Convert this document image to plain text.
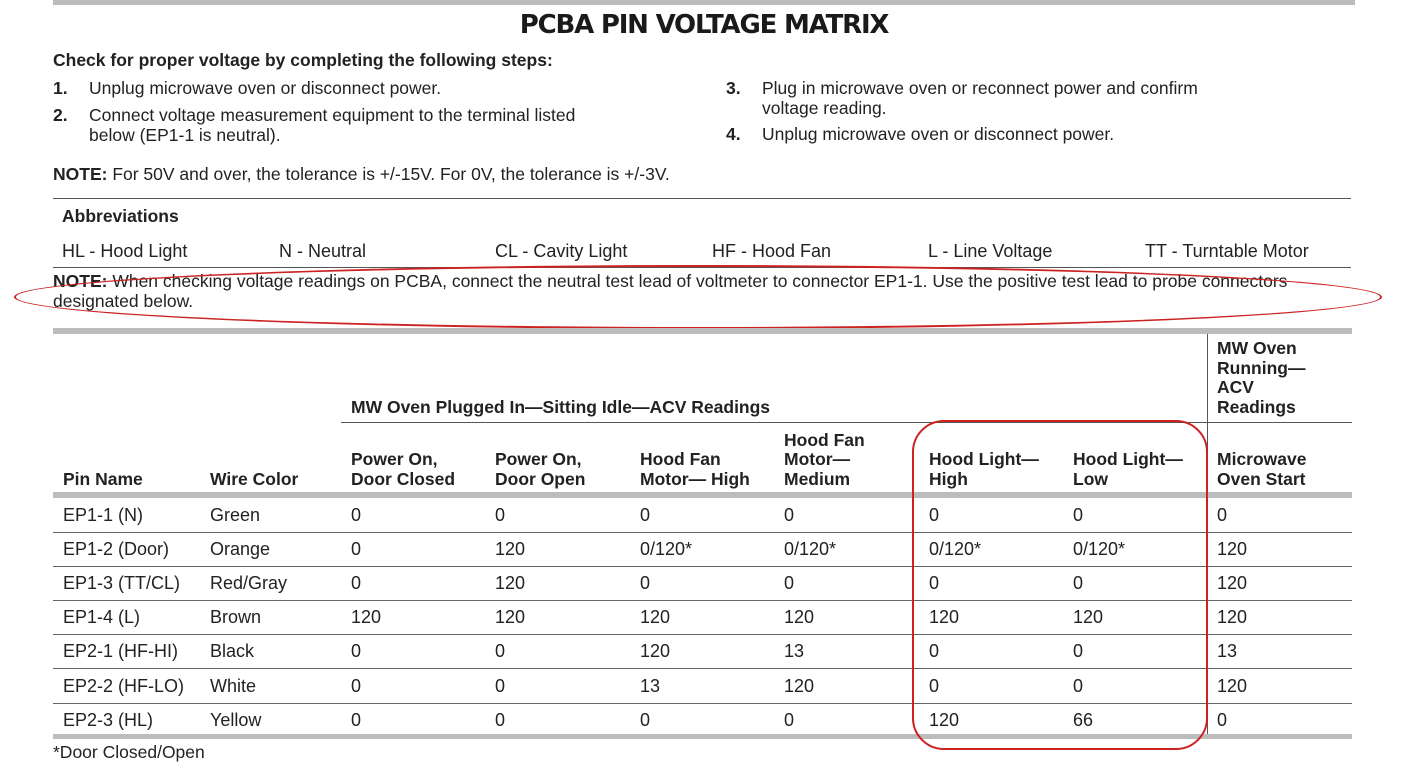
PCBA PIN VOLTAGE MATRIX
Check for proper voltage by completing the following steps:
1. Unplug microwave oven or disconnect power.
2. Connect voltage measurement equipment to the terminal listed
below (EP1-1 is neutral).
3. Plug in microwave oven or reconnect power and confirm
voltage reading.
4. Unplug microwave oven or disconnect power.
NOTE: For 50V and over, the tolerance is +/-15V. For 0V, the tolerance is +/-3V.
Abbreviations
HL - Hood Light	N - Neutral	CL - Cavity Light	HF - Hood Fan	L - Line Voltage	TT - Turntable Motor
NOTE: When checking voltage readings on PCBA, connect the neutral test lead of voltmeter to connector EP1-1. Use the positive test lead to probe connectors designated below.
MW Oven Plugged In—Sitting Idle—ACV Readings
MW Oven
Running—
ACV
Readings
Pin Name	Wire Color
Power On,
Door Closed
Power On,
Door Open
Hood Fan
Motor— High
Hood Fan
Motor—
Medium
Hood Light—
High
Hood Light—
Low
Microwave
Oven Start
EP1-1 (N)	Green	0	0	0	0	0	0	0
EP1-2 (Door) Orange	0	120	0/120*	0/120*	0/120*	0/120*	120
EP1-3 (TT/CL) Red/Gray	0	120	0	0	0	0	120
EP1-4 (L)	Brown	120	120	120	120	120	120	120
EP2-1 (HF-HI) Black	0	0	120	13	0	0	13
EP2-2 (HF-LO) White	0	0	13	120	0	0	120
EP2-3 (HL)	Yellow	0	0	0	0	120	66	0
*Door Closed/Open
